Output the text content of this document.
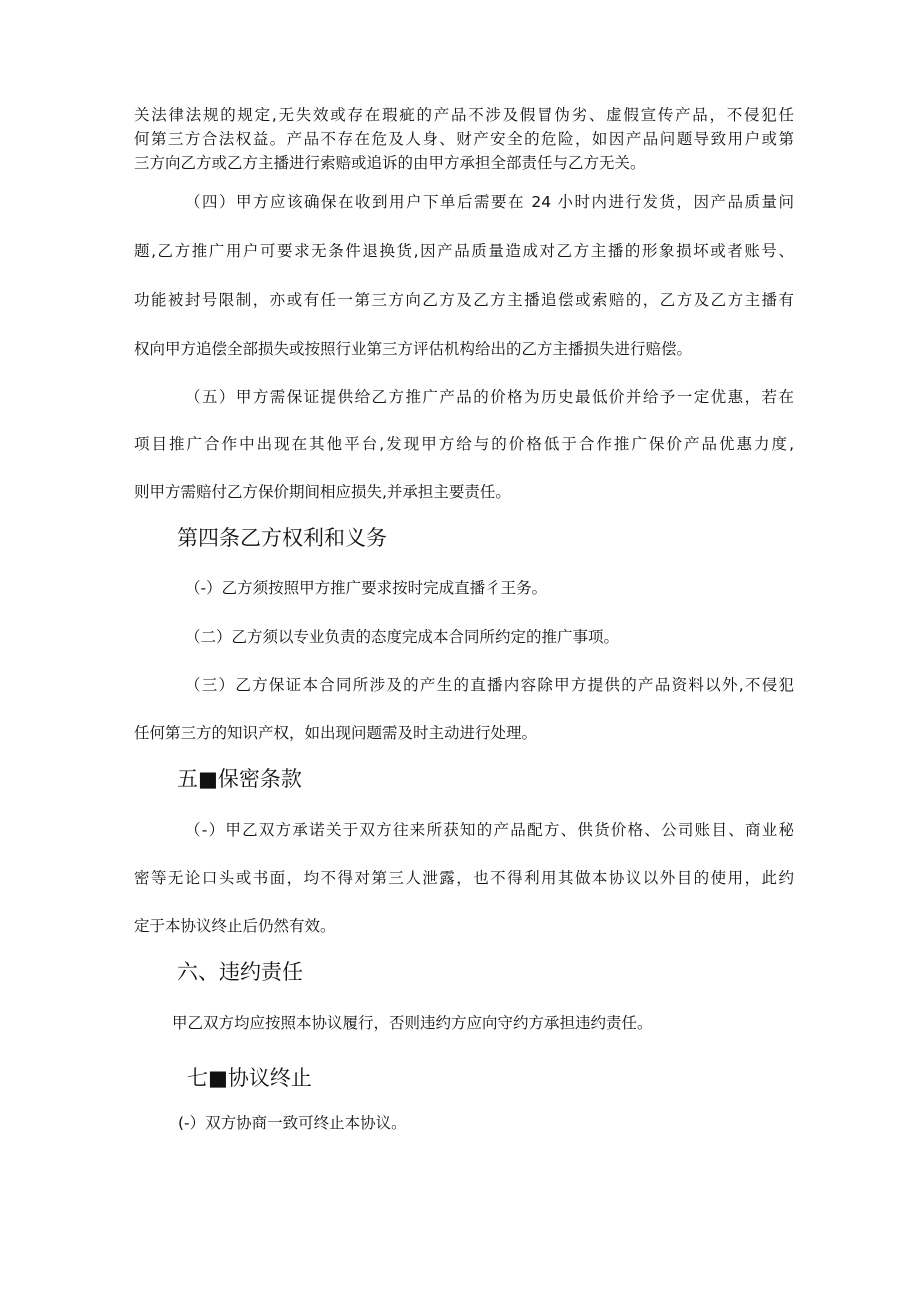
关法律法规的规定,无失效或存在瑕疵的产品不涉及假冒伪劣、虚假宣传产品，不侵犯任
何第三方合法权益。产品不存在危及人身、财产安全的危险，如因产品问题导致用户或第
三方向乙方或乙方主播进行索赔或追诉的由甲方承担全部责任与乙方无关。
（四）甲方应该确保在收到用户下单后需要在 24 小时内进行发货，因产品质量问
题,乙方推广用户可要求无条件退换货,因产品质量造成对乙方主播的形象损坏或者账号、
功能被封号限制，亦或有任一第三方向乙方及乙方主播追偿或索赔的，乙方及乙方主播有
权向甲方追偿全部损失或按照行业第三方评估机构给出的乙方主播损失进行赔偿。
（五）甲方需保证提供给乙方推广产品的价格为历史最低价并给予一定优惠，若在
项目推广合作中出现在其他平台,发现甲方给与的价格低于合作推广保价产品优惠力度,
则甲方需赔付乙方保价期间相应损失,并承担主要责任。
第四条乙方权利和义务
（-）乙方须按照甲方推广要求按时完成直播彳王务。
（二）乙方须以专业负责的态度完成本合同所约定的推广事项。
（三）乙方保证本合同所涉及的产生的直播内容除甲方提供的产品资料以外,不侵犯
任何第三方的知识产权，如出现问题需及时主动进行处理。
五■保密条款
（-）甲乙双方承诺关于双方往来所获知的产品配方、供货价格、公司账目、商业秘
密等无论口头或书面，均不得对第三人泄露，也不得利用其做本协议以外目的使用，此约
定于本协议终止后仍然有效。
六、违约责任
甲乙双方均应按照本协议履行，否则违约方应向守约方承担违约责任。
七■协议终止
(-）双方协商一致可终止本协议。
